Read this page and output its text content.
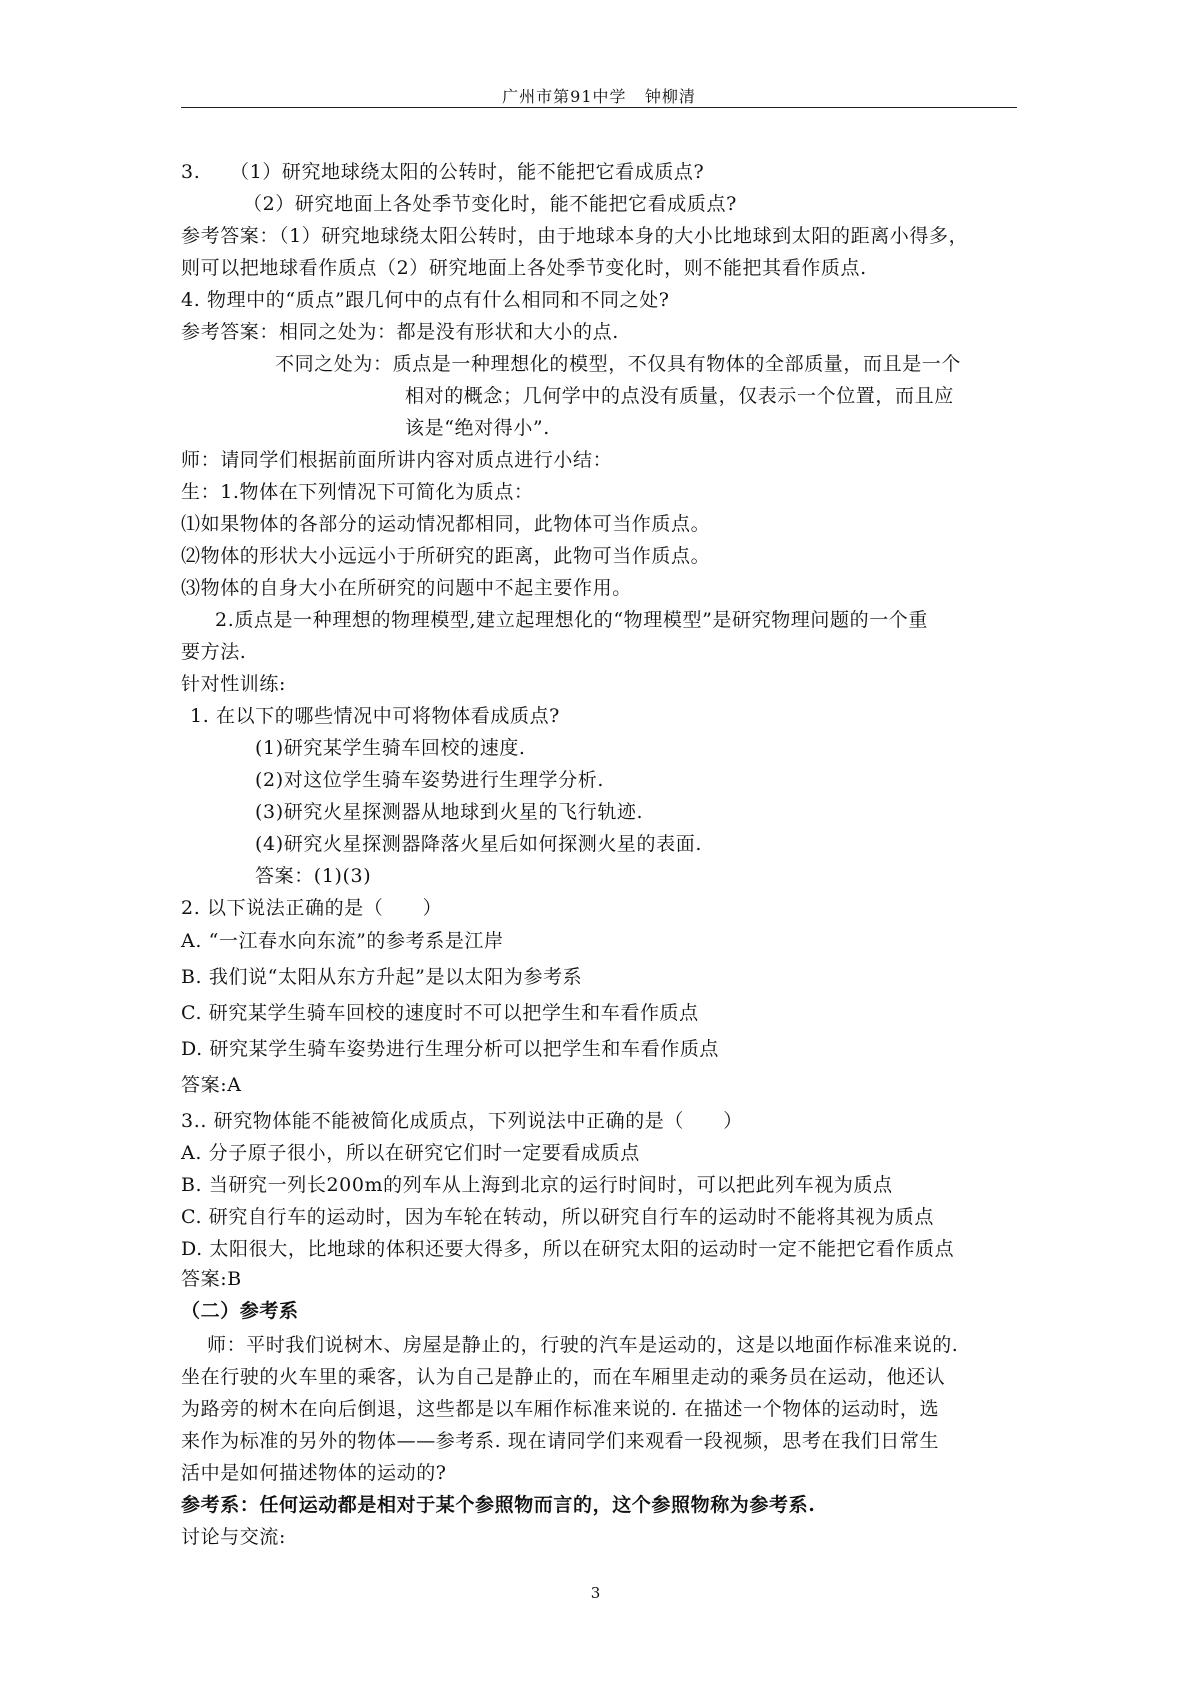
广州市第91中学 钟柳清
3.　　（1）研究地球绕太阳的公转时，能不能把它看成质点?
（2）研究地面上各处季节变化时，能不能把它看成质点?
参考答案：（1）研究地球绕太阳公转时，由于地球本身的大小比地球到太阳的距离小得多，
则可以把地球看作质点（2）研究地面上各处季节变化时，则不能把其看作质点.
4. 物理中的“质点”跟几何中的点有什么相同和不同之处?
参考答案：相同之处为：都是没有形状和大小的点.
不同之处为：质点是一种理想化的模型，不仅具有物体的全部质量，而且是一个
相对的概念；几何学中的点没有质量，仅表示一个位置，而且应
该是“绝对得小”.
师：请同学们根据前面所讲内容对质点进行小结：
生：1.物体在下列情况下可简化为质点：
⑴如果物体的各部分的运动情况都相同，此物体可当作质点。
⑵物体的形状大小远远小于所研究的距离，此物可当作质点。
⑶物体的自身大小在所研究的问题中不起主要作用。
2.质点是一种理想的物理模型,建立起理想化的“物理模型”是研究物理问题的一个重
要方法.
针对性训练:
1. 在以下的哪些情况中可将物体看成质点?
(1)研究某学生骑车回校的速度.
(2)对这位学生骑车姿势进行生理学分析.
(3)研究火星探测器从地球到火星的飞行轨迹.
(4)研究火星探测器降落火星后如何探测火星的表面.
答案：(1)(3)
2. 以下说法正确的是（　　）
A. “一江春水向东流”的参考系是江岸
B. 我们说“太阳从东方升起”是以太阳为参考系
C. 研究某学生骑车回校的速度时不可以把学生和车看作质点
D. 研究某学生骑车姿势进行生理分析可以把学生和车看作质点
答案:A
3.. 研究物体能不能被简化成质点，下列说法中正确的是（　　）
A. 分子原子很小，所以在研究它们时一定要看成质点
B. 当研究一列长200m的列车从上海到北京的运行时间时，可以把此列车视为质点
C. 研究自行车的运动时，因为车轮在转动，所以研究自行车的运动时不能将其视为质点
D. 太阳很大，比地球的体积还要大得多，所以在研究太阳的运动时一定不能把它看作质点
答案:B
（二）参考系
师：平时我们说树木、房屋是静止的，行驶的汽车是运动的，这是以地面作标准来说的.
坐在行驶的火车里的乘客，认为自己是静止的，而在车厢里走动的乘务员在运动，他还认
为路旁的树木在向后倒退，这些都是以车厢作标准来说的. 在描述一个物体的运动时，选
来作为标准的另外的物体——参考系. 现在请同学们来观看一段视频，思考在我们日常生
活中是如何描述物体的运动的?
参考系：任何运动都是相对于某个参照物而言的，这个参照物称为参考系.
讨论与交流:
3
